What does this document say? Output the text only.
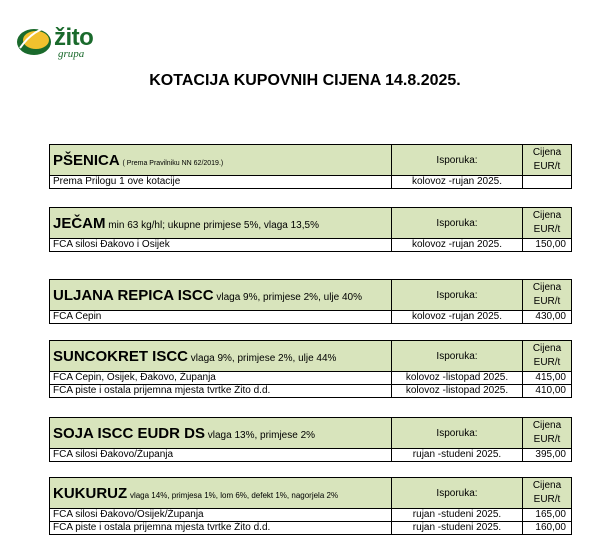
žito
grupa
KOTACIJA KUPOVNIH CIJENA 14.8.2025.
PŠENICA ( Prema Pravilniku NN 62/2019.)	Isporuka:	Cijena
EUR/t

Prema Prilogu 1 ove kotacije	kolovoz -rujan 2025.	
JEČAM min 63 kg/hl; ukupne primjese 5%, vlaga 13,5%	Isporuka:	Cijena
EUR/t

FCA silosi Đakovo i Osijek	kolovoz -rujan 2025.	150,00
ULJANA REPICA ISCC vlaga 9%, primjese 2%, ulje 40%	Isporuka:	Cijena
EUR/t

FCA Čepin	kolovoz -rujan 2025.	430,00
SUNCOKRET ISCC vlaga 9%, primjese 2%, ulje 44%	Isporuka:	Cijena
EUR/t

FCA Čepin, Osijek, Đakovo, Županja	kolovoz -listopad 2025.	415,00
FCA piste i ostala prijemna mjesta tvrtke Žito d.d.	kolovoz -listopad 2025.	410,00
SOJA ISCC EUDR DS vlaga 13%, primjese 2%	Isporuka:	Cijena
EUR/t

FCA silosi Đakovo/Županja	rujan -studeni 2025.	395,00
KUKURUZ vlaga 14%, primjesa 1%, lom 6%, defekt 1%, nagorjela 2%	Isporuka:	Cijena
EUR/t

FCA silosi Đakovo/Osijek/Županja	rujan -studeni 2025.	165,00
FCA piste i ostala prijemna mjesta tvrtke Žito d.d.	rujan -studeni 2025.	160,00
